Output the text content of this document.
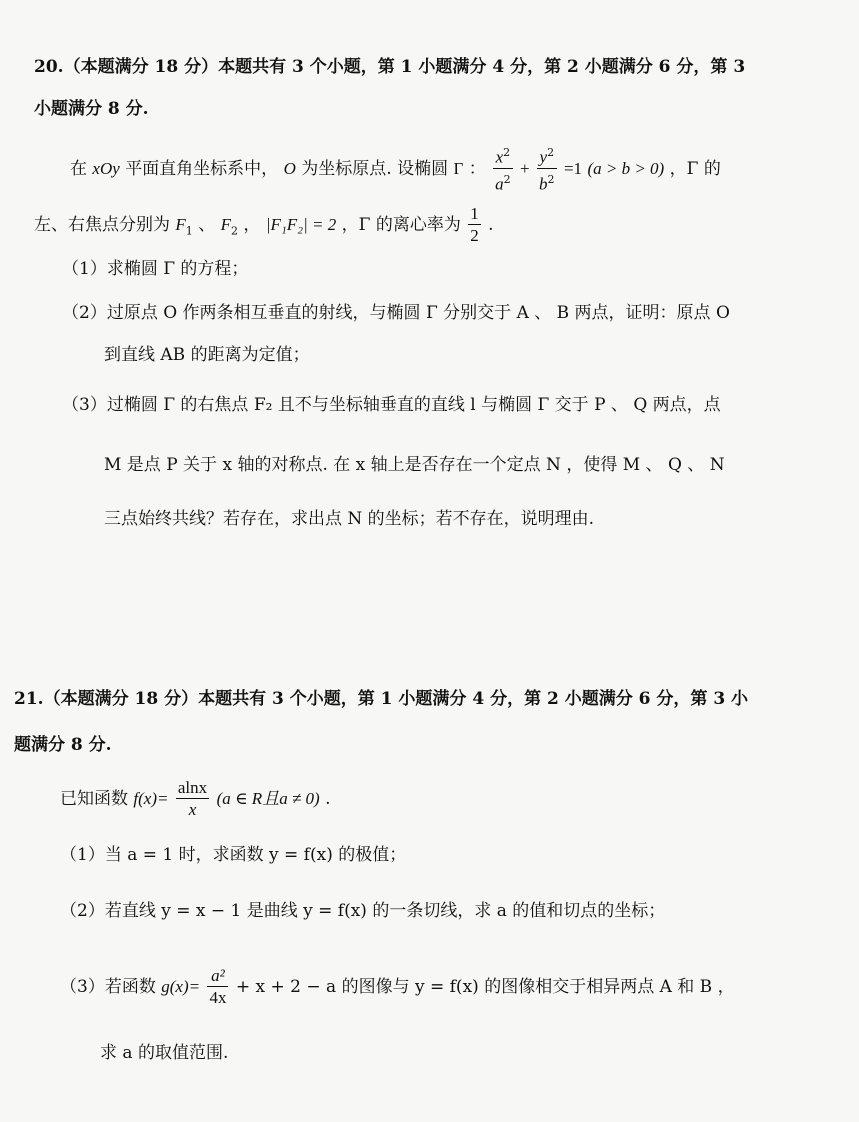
20.（本题满分 18 分）本题共有 3 个小题，第 1 小题满分 4 分，第 2 小题满分 6 分，第 3
小题满分 8 分.
在 xOy 平面直角坐标系中， O 为坐标原点. 设椭圆 Γ ： $\frac{x^2}{a^2} + \frac{y^2}{b^2} =1$ (a > b > 0) ，Γ 的
左、右焦点分别为 $F_1$ 、 $F_2$ ， |F₁F₂| = 2 ，Γ 的离心率为 $\frac{1}{2}$ .
（1）求椭圆 Γ 的方程；
（2）过原点 O 作两条相互垂直的射线，与椭圆 Γ 分别交于 A 、 B 两点，证明：原点 O
到直线 AB 的距离为定值；
（3）过椭圆 Γ 的右焦点 F₂ 且不与坐标轴垂直的直线 l 与椭圆 Γ 交于 P 、 Q 两点，点
M 是点 P 关于 x 轴的对称点. 在 x 轴上是否存在一个定点 N ，使得 M 、 Q 、 N
三点始终共线？若存在，求出点 N 的坐标；若不存在，说明理由.
21.（本题满分 18 分）本题共有 3 个小题，第 1 小题满分 4 分，第 2 小题满分 6 分，第 3 小
题满分 8 分.
已知函数 $f(x)= \frac{alnx}{x} (a$ ∈ R且a ≠ 0) .
（1）当 a = 1 时，求函数 y = f(x) 的极值；
（2）若直线 y = x − 1 是曲线 y = f(x) 的一条切线，求 a 的值和切点的坐标；
（3）若函数 $g(x)= \frac{\text{a²}}{4x} + x + 2 - a$ 的图像与 y = f(x) 的图像相交于相异两点 A 和 B ，
求 a 的取值范围.
